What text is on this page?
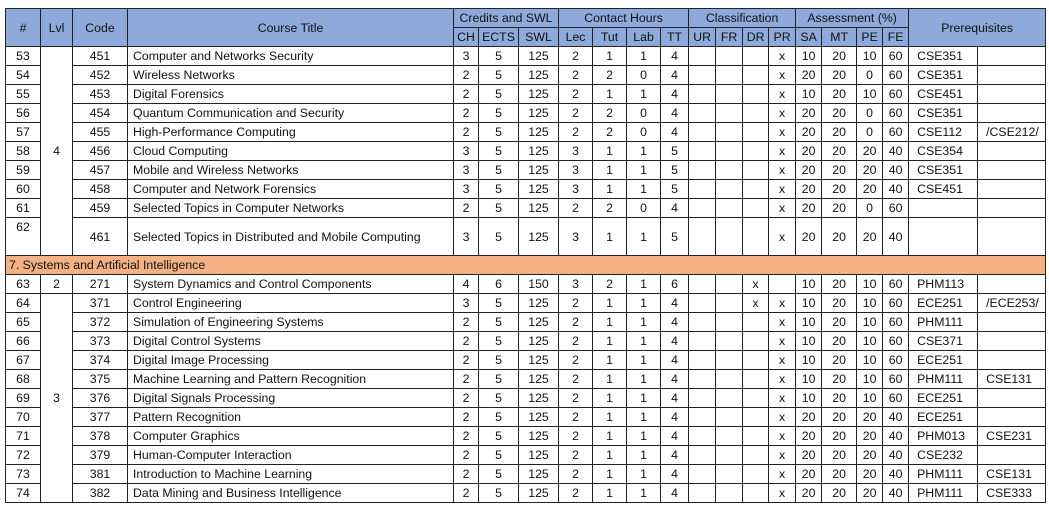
#	Lvl	Code	Course Title	Credits and SWL			Contact Hours				Classification				Assessment (%)				Prerequisites	
				CH	ECTS	SWL	Lec	Tut	Lab	TT	UR	FR	DR	PR	SA	MT	PE	FE		
53	4	451	Computer and Networks Security	3	5	125	2	1	1	4				x	10	20	10	60	CSE351	
54		452	Wireless Networks	2	5	125	2	2	0	4				x	20	20	0	60	CSE351	
55		453	Digital Forensics	2	5	125	2	1	1	4				x	10	20	10	60	CSE451	
56		454	Quantum Communication and Security	2	5	125	2	2	0	4				x	20	20	0	60	CSE351	
57		455	High-Performance Computing	2	5	125	2	2	0	4				x	20	20	0	60	CSE112	/CSE212/
58		456	Cloud Computing	3	5	125	3	1	1	5				x	20	20	20	40	CSE354	
59		457	Mobile and Wireless Networks	3	5	125	3	1	1	5				x	20	20	20	40	CSE351	
60		458	Computer and Network Forensics	3	5	125	3	1	1	5				x	20	20	20	40	CSE451	
61		459	Selected Topics in Computer Networks	2	5	125	2	2	0	4				x	20	20	0	60		
62		461	Selected Topics in Distributed and Mobile Computing	3	5	125	3	1	1	5				x	20	20	20	40		
7. Systems and Artificial Intelligence																				
63	2	271	System Dynamics and Control Components	4	6	150	3	2	1	6			x		10	20	10	60	PHM113	
64	3	371	Control Engineering	3	5	125	2	1	1	4			x	x	10	20	10	60	ECE251	/ECE253/
65		372	Simulation of Engineering Systems	2	5	125	2	1	1	4				x	10	20	10	60	PHM111	
66		373	Digital Control Systems	2	5	125	2	1	1	4				x	10	20	10	60	CSE371	
67		374	Digital Image Processing	2	5	125	2	1	1	4				x	10	20	10	60	ECE251	
68		375	Machine Learning and Pattern Recognition	2	5	125	2	1	1	4				x	10	20	10	60	PHM111	CSE131
69		376	Digital Signals Processing	2	5	125	2	1	1	4				x	10	20	10	60	ECE251	
70		377	Pattern Recognition	2	5	125	2	1	1	4				x	20	20	20	40	ECE251	
71		378	Computer Graphics	2	5	125	2	1	1	4				x	20	20	20	40	PHM013	CSE231
72		379	Human-Computer Interaction	2	5	125	2	1	1	4				x	20	20	20	40	CSE232	
73		381	Introduction to Machine Learning	2	5	125	2	1	1	4				x	20	20	20	40	PHM111	CSE131
74		382	Data Mining and Business Intelligence	2	5	125	2	1	1	4				x	20	20	20	40	PHM111	CSE333
